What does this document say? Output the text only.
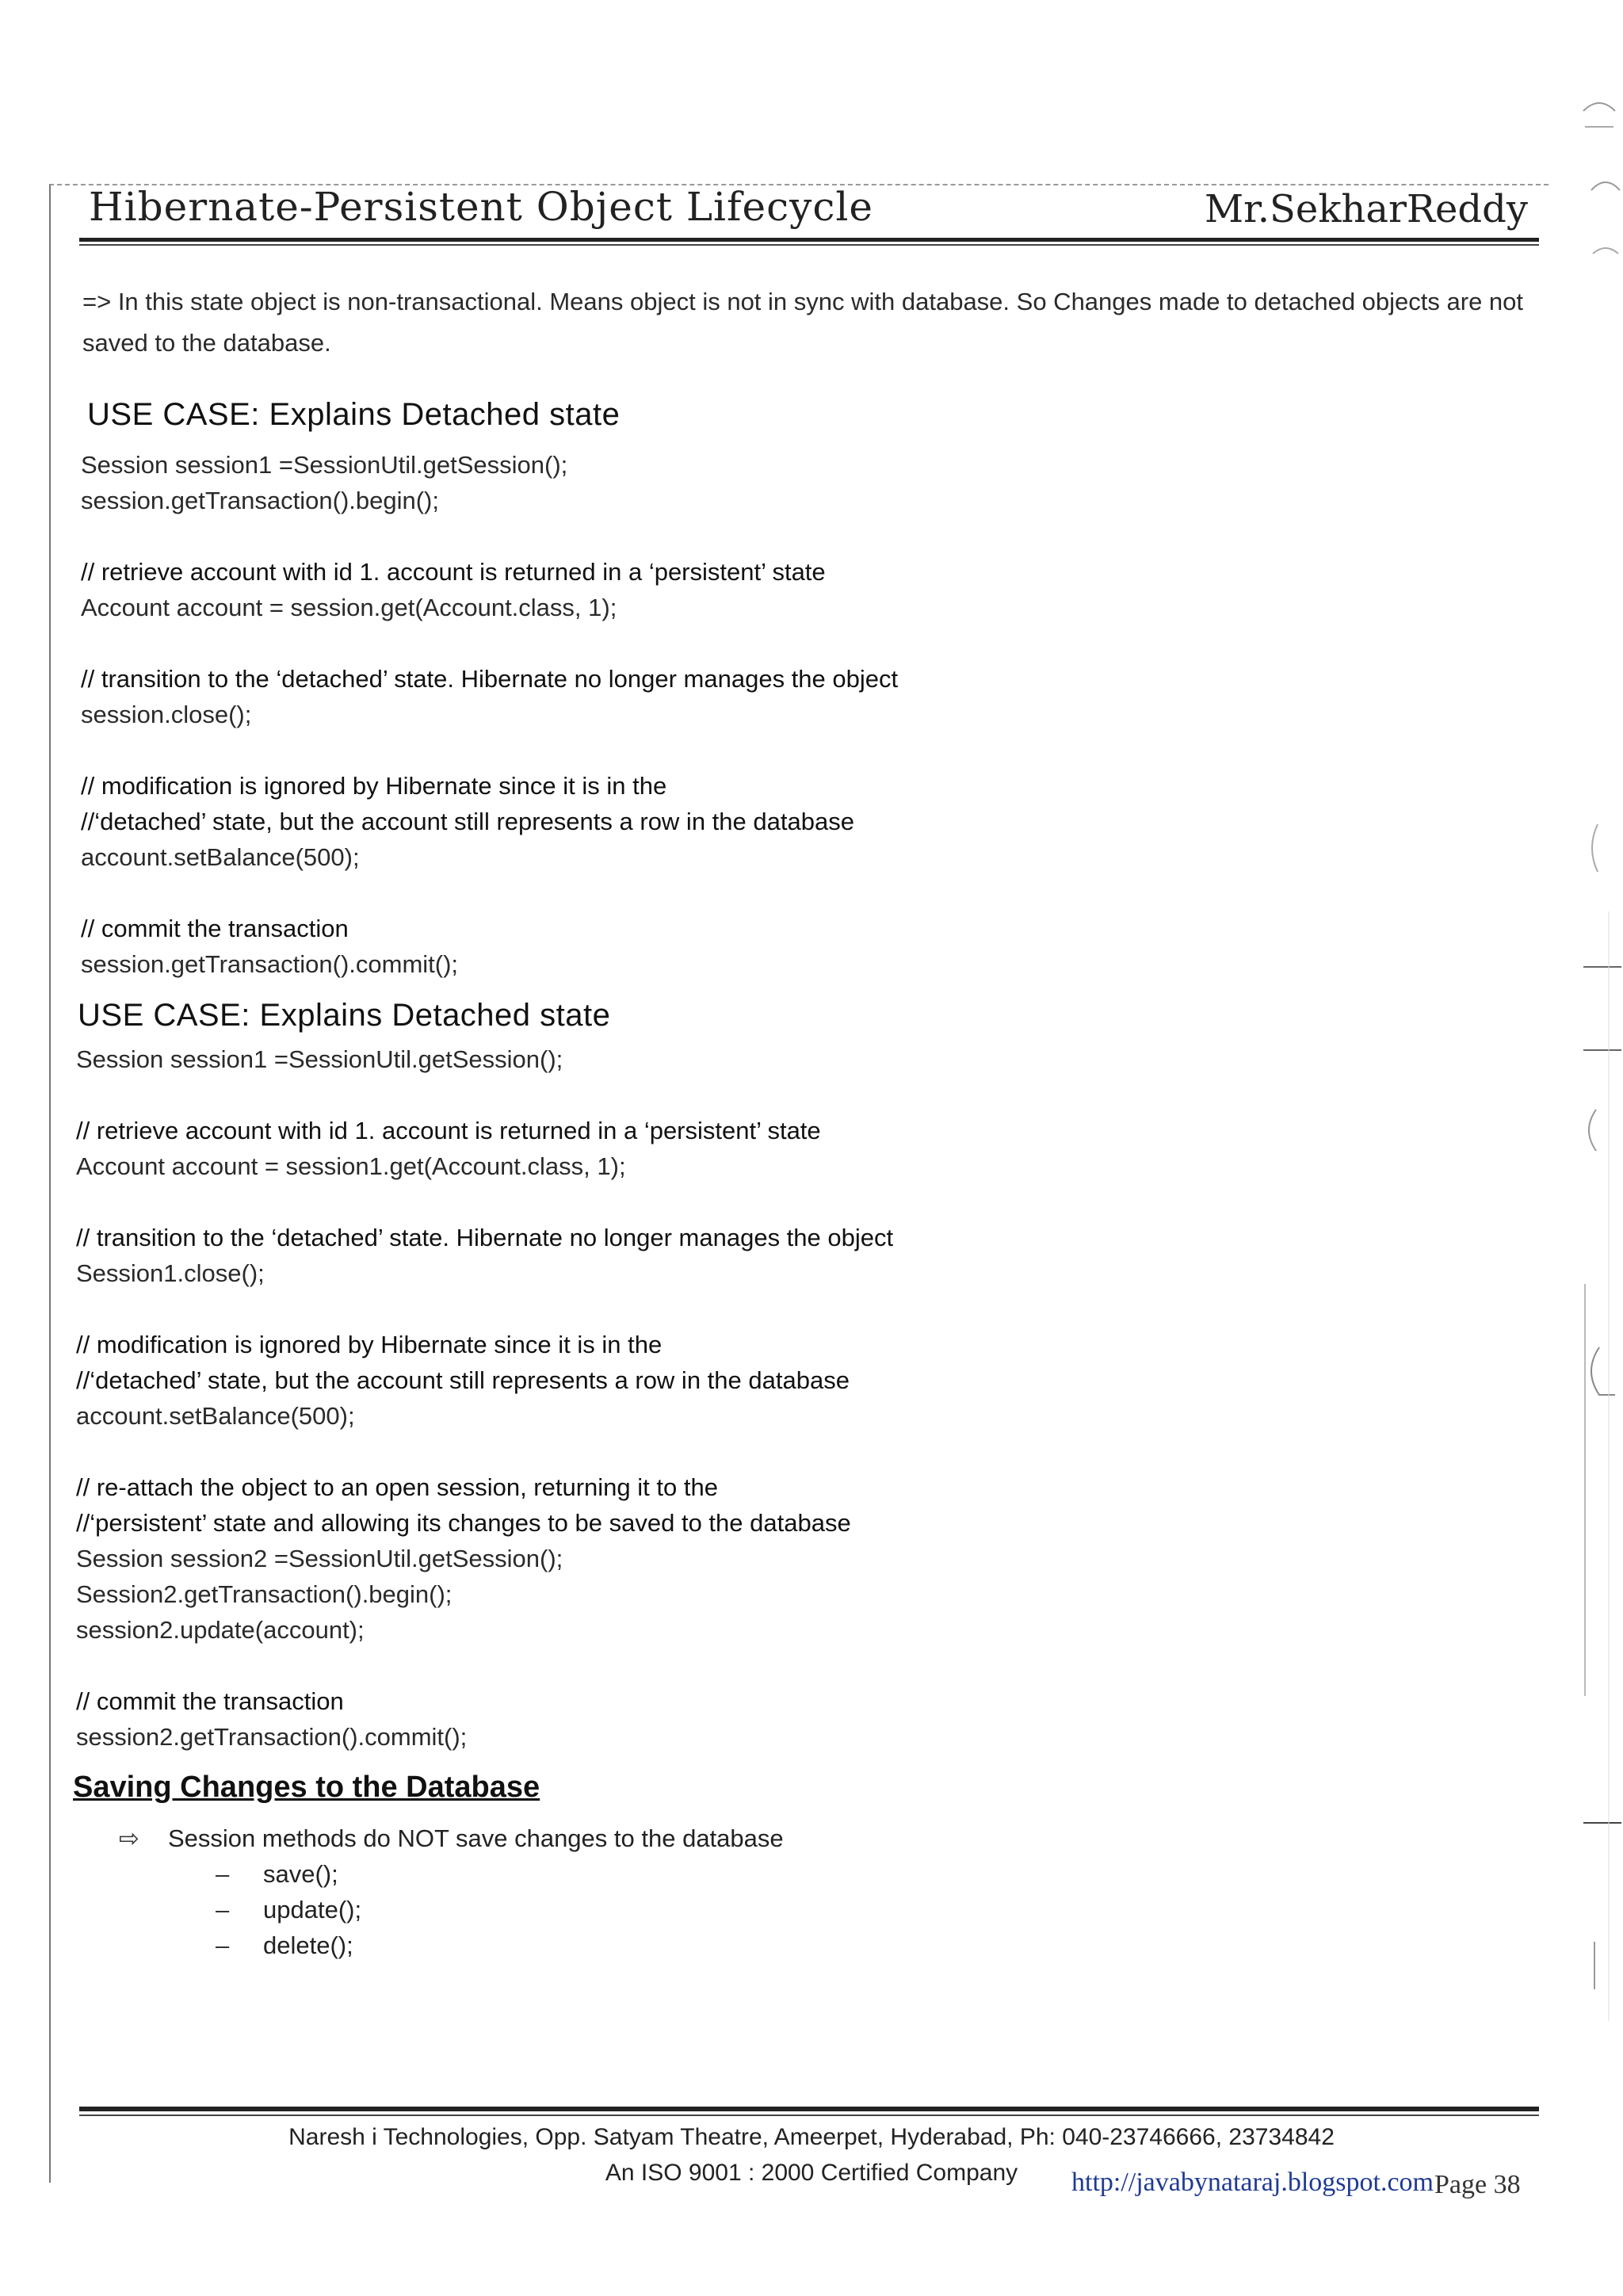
Hibernate-Persistent Object Lifecycle	Mr.SekharReddy

=> In this state object is non-transactional. Means object is not in sync with database. So Changes made to detached objects are not saved to the database.

USE CASE: Explains Detached state
Session session1 =SessionUtil.getSession();
session.getTransaction().begin();
// retrieve account with id 1. account is returned in a ‘persistent’ state
Account account = session.get(Account.class, 1);
// transition to the ‘detached’ state. Hibernate no longer manages the object
session.close();
// modification is ignored by Hibernate since it is in the
//‘detached’ state, but the account still represents a row in the database
account.setBalance(500);
// commit the transaction
session.getTransaction().commit();
USE CASE: Explains Detached state
Session session1 =SessionUtil.getSession();
// retrieve account with id 1. account is returned in a ‘persistent’ state
Account account = session1.get(Account.class, 1);
// transition to the ‘detached’ state. Hibernate no longer manages the object
Session1.close();
// modification is ignored by Hibernate since it is in the
//‘detached’ state, but the account still represents a row in the database
account.setBalance(500);
// re-attach the object to an open session, returning it to the
//‘persistent’ state and allowing its changes to be saved to the database
Session session2 =SessionUtil.getSession();
Session2.getTransaction().begin();
session2.update(account);
// commit the transaction
session2.getTransaction().commit();
Saving Changes to the Database
⇨ Session methods do NOT save changes to the database
–	save();
–	update();
–	delete();
Naresh i Technologies, Opp. Satyam Theatre, Ameerpet, Hyderabad, Ph: 040-23746666, 23734842
An ISO 9001 : 2000 Certified Company	http://javabynataraj.blogspot.com Page 38
